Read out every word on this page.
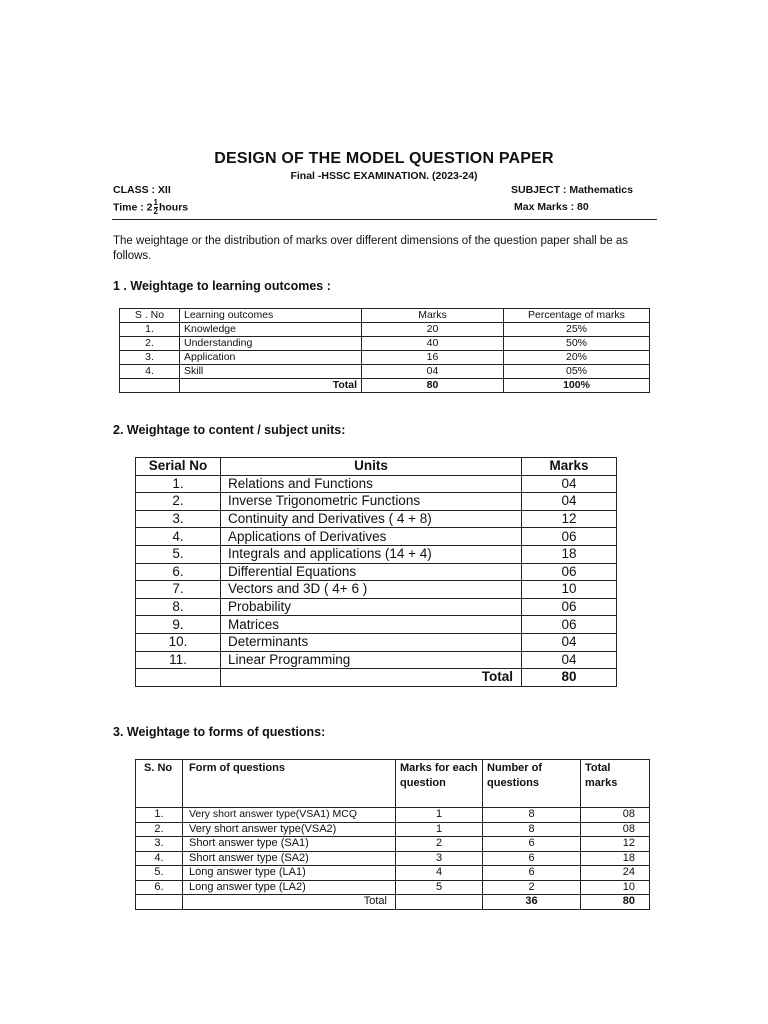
DESIGN OF THE MODEL QUESTION PAPER
Final -HSSC EXAMINATION. (2023-24)
CLASS : XII	SUBJECT : Mathematics
Time : $2 \frac{1}{2}$ hours	Max Marks : 80
The weightage or the distribution of marks over different dimensions of the question paper shall be as follows.
1 . Weightage to learning outcomes :
S . No	Learning outcomes	Marks	Percentage of marks
1.	Knowledge	20	25%
2.	Understanding	40	50%
3.	Application	16	20%
4.	Skill	04	05%
	Total	80	100%
2. Weightage to content / subject units:
Serial No	Units	Marks
1.	Relations and Functions	04
2.	Inverse Trigonometric Functions	04
3.	Continuity and Derivatives ( 4 + 8)	12
4.	Applications of Derivatives	06
5.	Integrals and applications (14 + 4)	18
6.	Differential Equations	06
7.	Vectors and 3D ( 4+ 6 )	10
8.	Probability	06
9.	Matrices	06
10.	Determinants	04
11.	Linear Programming	04
	Total	80
3. Weightage to forms of questions:
S. No	Form of questions	Marks for each question	Number of questions	Total marks
1.	Very short answer type(VSA1) MCQ	1	8	08
2.	Very short answer type(VSA2)	1	8	08
3.	Short answer type (SA1)	2	6	12
4.	Short answer type (SA2)	3	6	18
5.	Long answer type (LA1)	4	6	24
6.	Long answer type (LA2)	5	2	10
	Total		36	80
